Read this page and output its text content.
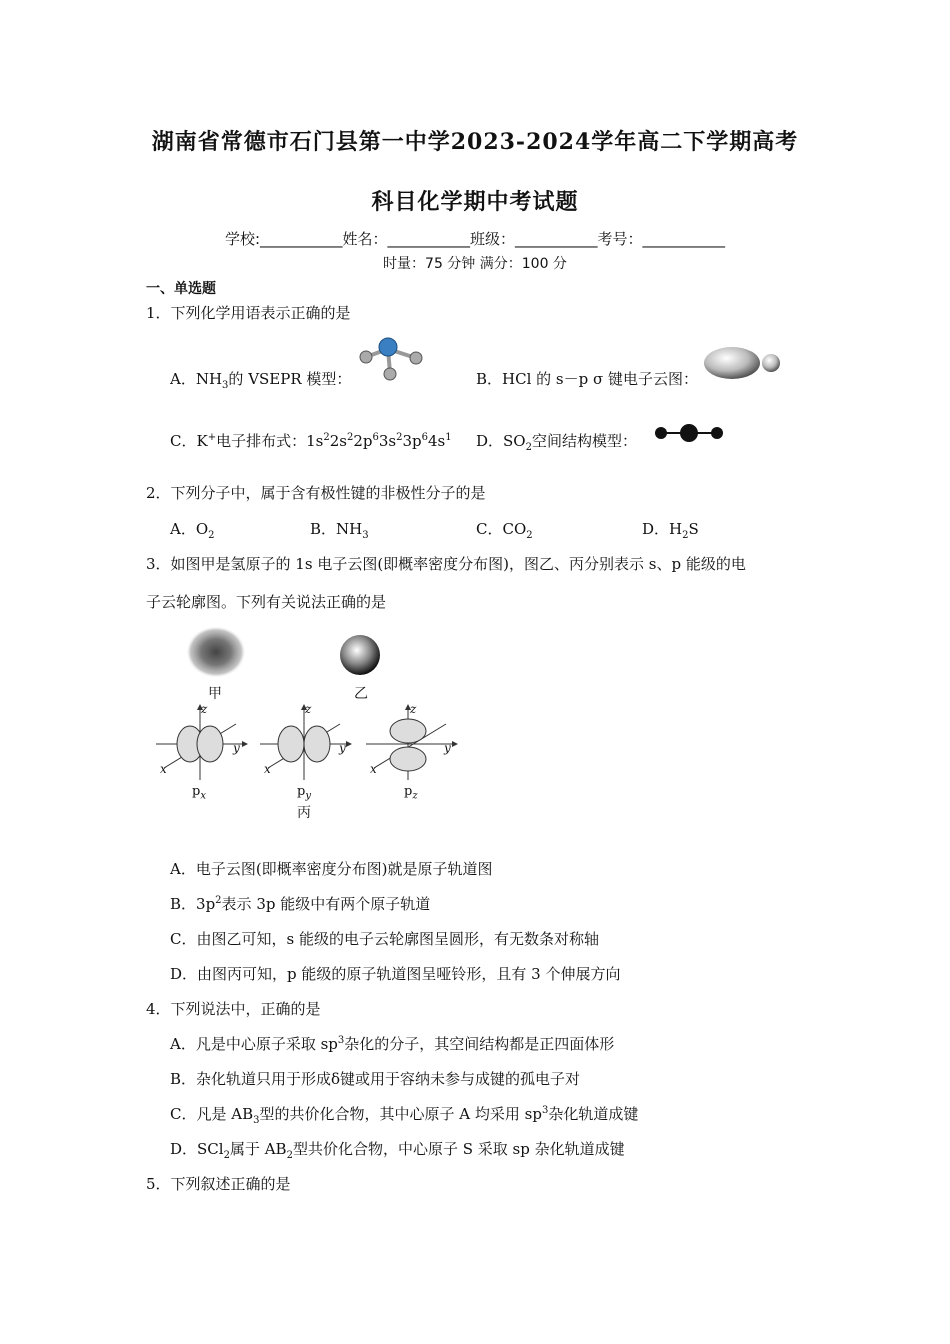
湖南省常德市石门县第一中学2023-2024学年高二下学期高考
科目化学期中考试题
学校:___________姓名：___________班级：___________考号：___________
时量：75 分钟 满分：100 分
一、单选题
1．下列化学用语表示正确的是
A．$NH_3$的 VSEPR 模型：	B．HCl 的 s－p σ 键电子云图：
C．K+电子排布式：$1s^22s^22p^63s^23p^64s^1$ D．$SO_2$空间结构模型：
2．下列分子中，属于含有极性键的非极性分子的是
A．$O_2$	B．$NH_3$	C．$CO_2$	D．$H_2S$
3．如图甲是氢原子的 1s 电子云图(即概率密度分布图)，图乙、丙分别表示 s、p 能级的电
子云轮廓图。下列有关说法正确的是
甲	乙
z
y
x
$p_x$
z
y
x
$p_y$
丙
z
y
x
$p_z$
A．电子云图(即概率密度分布图)就是原子轨道图
B．$3p^2$表示 3p 能级中有两个原子轨道
C．由图乙可知，s 能级的电子云轮廓图呈圆形，有无数条对称轴
D．由图丙可知，p 能级的原子轨道图呈哑铃形，且有 3 个伸展方向
4．下列说法中，正确的是
A．凡是中心原子采取 $sp^3$杂化的分子，其空间结构都是正四面体形
B．杂化轨道只用于形成δ键或用于容纳未参与成键的孤电子对
C．凡是 $AB_3$型的共价化合物，其中心原子 A 均采用 $sp^3$杂化轨道成键
D．SCl$_2$属于 $AB_2$型共价化合物，中心原子 S 采取 sp 杂化轨道成键
5．下列叙述正确的是
